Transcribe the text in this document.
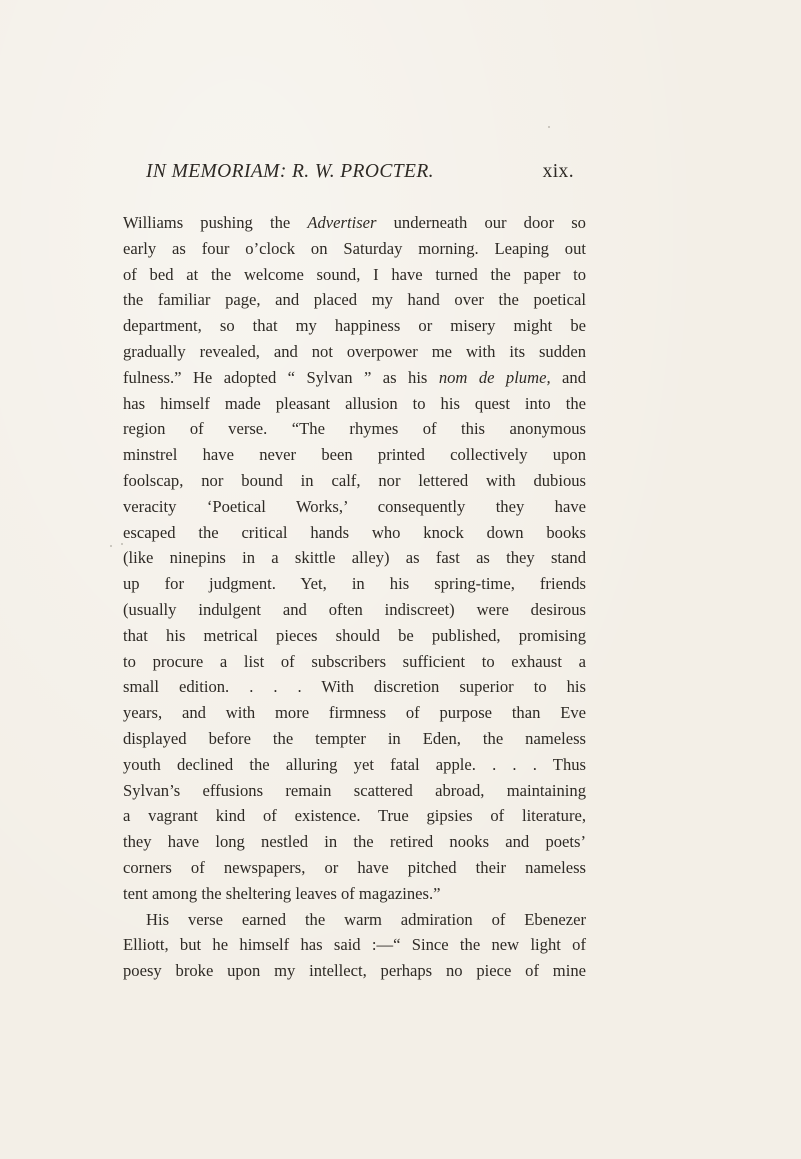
IN MEMORIAM: R. W. PROCTER.	xix.
Williams pushing the Advertiser underneath our door so
early as four o’clock on Saturday morning. Leaping out
of bed at the welcome sound, I have turned the paper to
the familiar page, and placed my hand over the poetical
department, so that my happiness or misery might be
gradually revealed, and not overpower me with its sudden
fulness.” He adopted “ Sylvan ” as his nom de plume, and
has himself made pleasant allusion to his quest into the
region of verse. “The rhymes of this anonymous
minstrel have never been printed collectively upon
foolscap, nor bound in calf, nor lettered with dubious
veracity ‘Poetical Works,’ consequently they have
escaped the critical hands who knock down books
(like ninepins in a skittle alley) as fast as they stand
up for judgment. Yet, in his spring-time, friends
(usually indulgent and often indiscreet) were desirous
that his metrical pieces should be published, promising
to procure a list of subscribers sufficient to exhaust a
small edition. . . . With discretion superior to his
years, and with more firmness of purpose than Eve
displayed before the tempter in Eden, the nameless
youth declined the alluring yet fatal apple. . . . Thus
Sylvan’s effusions remain scattered abroad, maintaining
a vagrant kind of existence. True gipsies of literature,
they have long nestled in the retired nooks and poets’
corners of newspapers, or have pitched their nameless
tent among the sheltering leaves of magazines.”
His verse earned the warm admiration of Ebenezer
Elliott, but he himself has said :—“ Since the new light of
poesy broke upon my intellect, perhaps no piece of mine
